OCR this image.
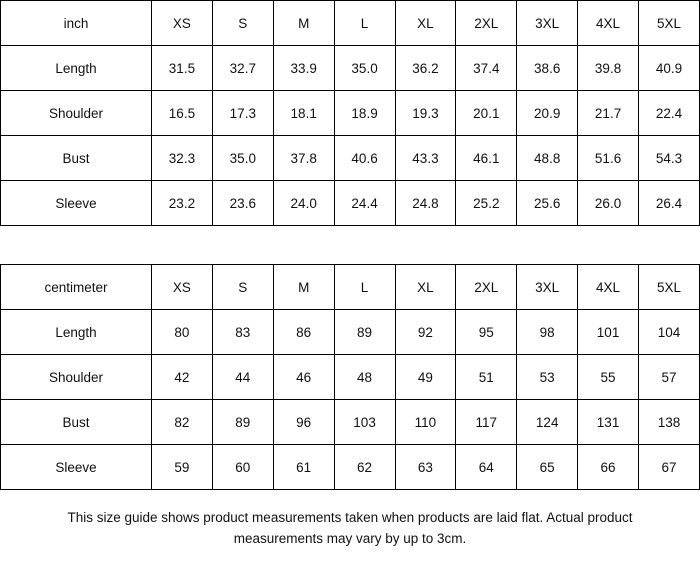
inch	XS	S	M	L	XL	2XL	3XL	4XL	5XL
Length	31.5	32.7	33.9	35.0	36.2	37.4	38.6	39.8	40.9
Shoulder	16.5	17.3	18.1	18.9	19.3	20.1	20.9	21.7	22.4
Bust	32.3	35.0	37.8	40.6	43.3	46.1	48.8	51.6	54.3
Sleeve	23.2	23.6	24.0	24.4	24.8	25.2	25.6	26.0	26.4
centimeter	XS	S	M	L	XL	2XL	3XL	4XL	5XL
Length	80	83	86	89	92	95	98	101	104
Shoulder	42	44	46	48	49	51	53	55	57
Bust	82	89	96	103	110	117	124	131	138
Sleeve	59	60	61	62	63	64	65	66	67
This size guide shows product measurements taken when products are laid flat. Actual product
measurements may vary by up to 3cm.
